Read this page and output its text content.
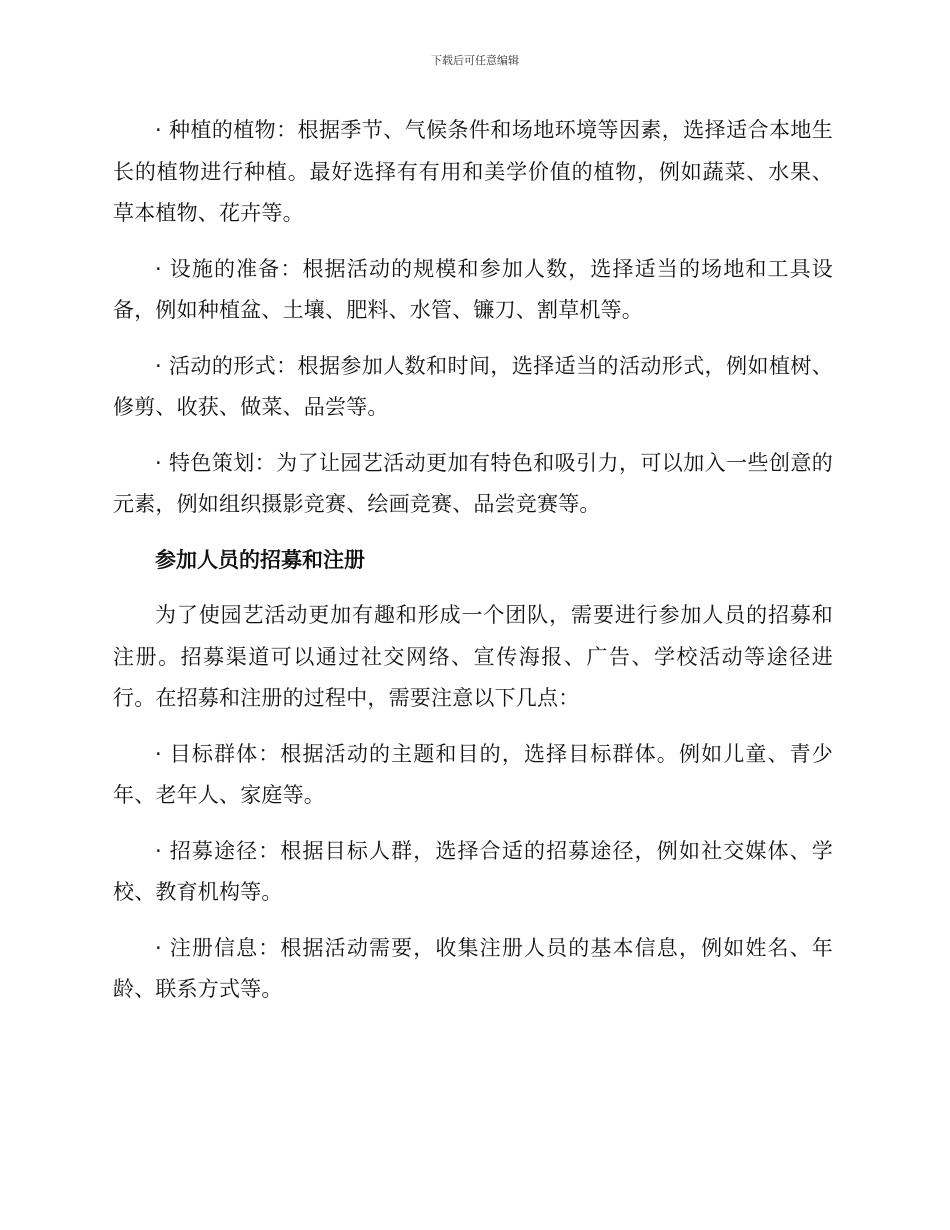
下载后可任意编辑

· 种植的植物：根据季节、气候条件和场地环境等因素，选择适合本地生长的植物进行种植。最好选择有有用和美学价值的植物，例如蔬菜、水果、草本植物、花卉等。

· 设施的准备：根据活动的规模和参加人数，选择适当的场地和工具设备，例如种植盆、土壤、肥料、水管、镰刀、割草机等。

· 活动的形式：根据参加人数和时间，选择适当的活动形式，例如植树、修剪、收获、做菜、品尝等。

· 特色策划：为了让园艺活动更加有特色和吸引力，可以加入一些创意的元素，例如组织摄影竞赛、绘画竞赛、品尝竞赛等。

参加人员的招募和注册

为了使园艺活动更加有趣和形成一个团队，需要进行参加人员的招募和注册。招募渠道可以通过社交网络、宣传海报、广告、学校活动等途径进行。在招募和注册的过程中，需要注意以下几点：

· 目标群体：根据活动的主题和目的，选择目标群体。例如儿童、青少年、老年人、家庭等。

· 招募途径：根据目标人群，选择合适的招募途径，例如社交媒体、学校、教育机构等。

· 注册信息：根据活动需要，收集注册人员的基本信息，例如姓名、年龄、联系方式等。
